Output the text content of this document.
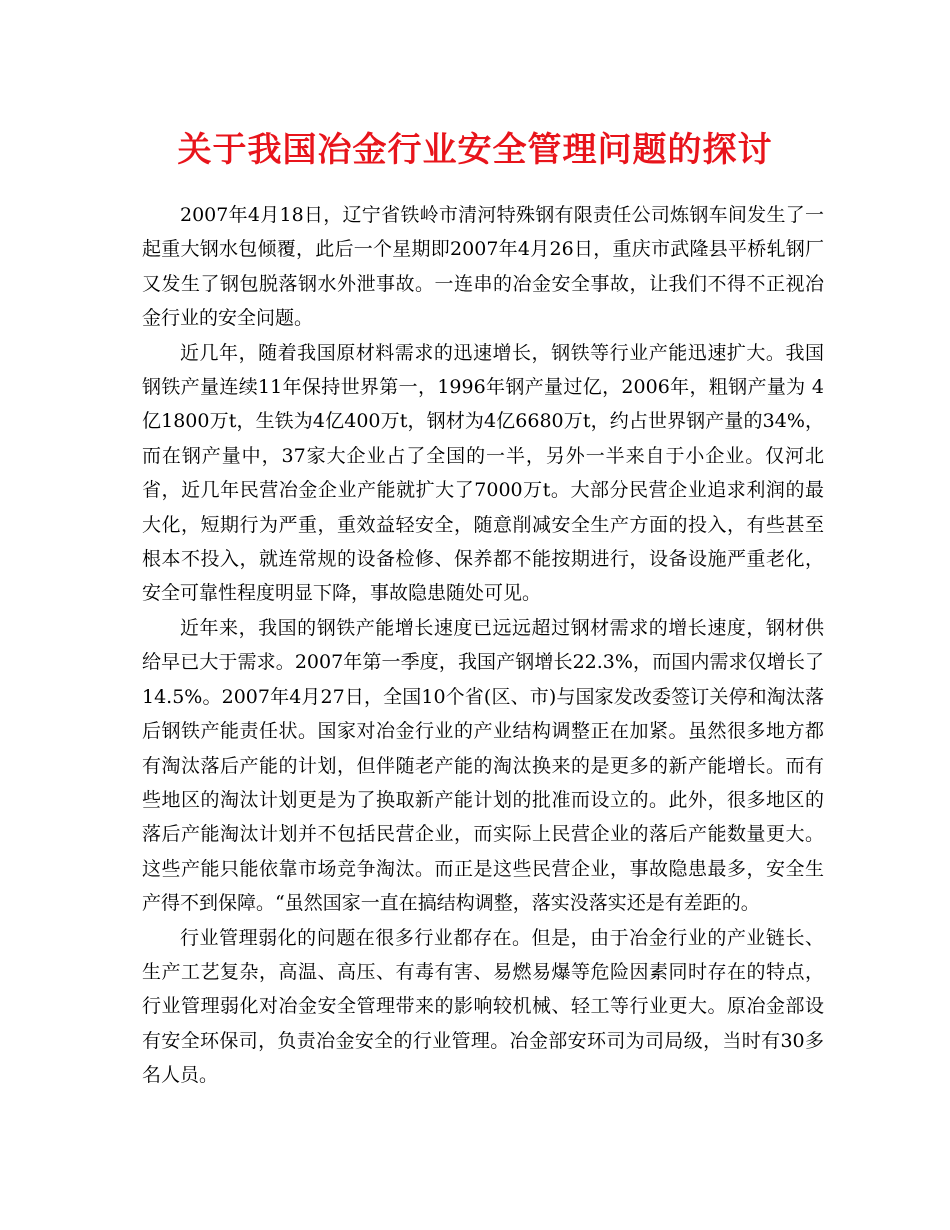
关于我国冶金行业安全管理问题的探讨

2007年4月18日，辽宁省铁岭市清河特殊钢有限责任公司炼钢车间发生了一起重大钢水包倾覆，此后一个星期即2007年4月26日，重庆市武隆县平桥轧钢厂又发生了钢包脱落钢水外泄事故。一连串的冶金安全事故，让我们不得不正视冶金行业的安全问题。

近几年，随着我国原材料需求的迅速增长，钢铁等行业产能迅速扩大。我国钢铁产量连续11年保持世界第一，1996年钢产量过亿，2006年，粗钢产量为 4亿1800万t，生铁为4亿400万t，钢材为4亿6680万t，约占世界钢产量的34%，而在钢产量中，37家大企业占了全国的一半，另外一半来自于小企业。仅河北省，近几年民营冶金企业产能就扩大了7000万t。大部分民营企业追求利润的最大化，短期行为严重，重效益轻安全，随意削减安全生产方面的投入，有些甚至根本不投入，就连常规的设备检修、保养都不能按期进行，设备设施严重老化，安全可靠性程度明显下降，事故隐患随处可见。

近年来，我国的钢铁产能增长速度已远远超过钢材需求的增长速度，钢材供给早已大于需求。2007年第一季度，我国产钢增长22.3%，而国内需求仅增长了14.5%。2007年4月27日，全国10个省(区、市)与国家发改委签订关停和淘汰落后钢铁产能责任状。国家对冶金行业的产业结构调整正在加紧。虽然很多地方都有淘汰落后产能的计划，但伴随老产能的淘汰换来的是更多的新产能增长。而有些地区的淘汰计划更是为了换取新产能计划的批准而设立的。此外，很多地区的落后产能淘汰计划并不包括民营企业，而实际上民营企业的落后产能数量更大。这些产能只能依靠市场竞争淘汰。而正是这些民营企业，事故隐患最多，安全生产得不到保障。“虽然国家一直在搞结构调整，落实没落实还是有差距的。

行业管理弱化的问题在很多行业都存在。但是，由于冶金行业的产业链长、生产工艺复杂，高温、高压、有毒有害、易燃易爆等危险因素同时存在的特点，行业管理弱化对冶金安全管理带来的影响较机械、轻工等行业更大。原冶金部设有安全环保司，负责冶金安全的行业管理。冶金部安环司为司局级，当时有30多名人员。
